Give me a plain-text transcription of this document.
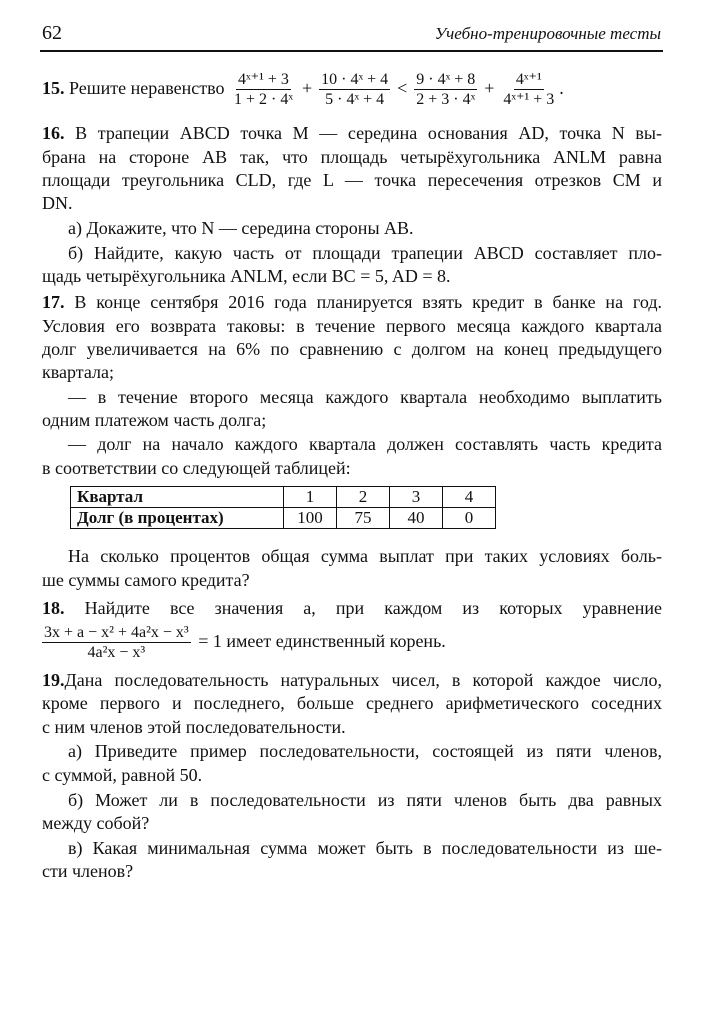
62	Учебно-тренировочные тесты
15. Решите неравенство $\frac{\text{4ˣ⁺¹ + 3}}{\text{1 + 2 · 4ˣ}} + \frac{\text{10 · 4ˣ + 4}}{\text{5 · 4ˣ + 4}} < \frac{\text{9 · 4ˣ + 8}}{\text{2 + 3 · 4ˣ}} + \frac{\text{4ˣ⁺¹}}{\text{4ˣ⁺¹ + 3}}$ .
16. В трапеции ABCD точка M — середина основания AD, точка N вы-
брана на стороне AB так, что площадь четырёхугольника ANLM равна
площади треугольника CLD, где L — точка пересечения отрезков CM и
DN.
а) Докажите, что N — середина стороны AB.
б) Найдите, какую часть от площади трапеции ABCD составляет пло-
щадь четырёхугольника ANLM, если BC = 5, AD = 8.
17. В конце сентября 2016 года планируется взять кредит в банке на год.
Условия его возврата таковы: в течение первого месяца каждого квартала
долг увеличивается на 6% по сравнению с долгом на конец предыдущего
квартала;
— в течение второго месяца каждого квартала необходимо выплатить
одним платежом часть долга;
— долг на начало каждого квартала должен составлять часть кредита
в соответствии со следующей таблицей:
Квартал	1	2	3	4
Долг (в процентах)	100	75	40	0
На сколько процентов общая сумма выплат при таких условиях боль-
ше суммы самого кредита?
18. Найдите все значения a, при каждом из которых уравнение
$\frac{\text{3x + a − x² + 4a²x − x³}}{\text{4a²x − x³}} = 1$ имеет единственный корень.
19.Дана последовательность натуральных чисел, в которой каждое число,
кроме первого и последнего, больше среднего арифметического соседних
с ним членов этой последовательности.
а) Приведите пример последовательности, состоящей из пяти членов,
с суммой, равной 50.
б) Может ли в последовательности из пяти членов быть два равных
между собой?
в) Какая минимальная сумма может быть в последовательности из ше-
сти членов?
